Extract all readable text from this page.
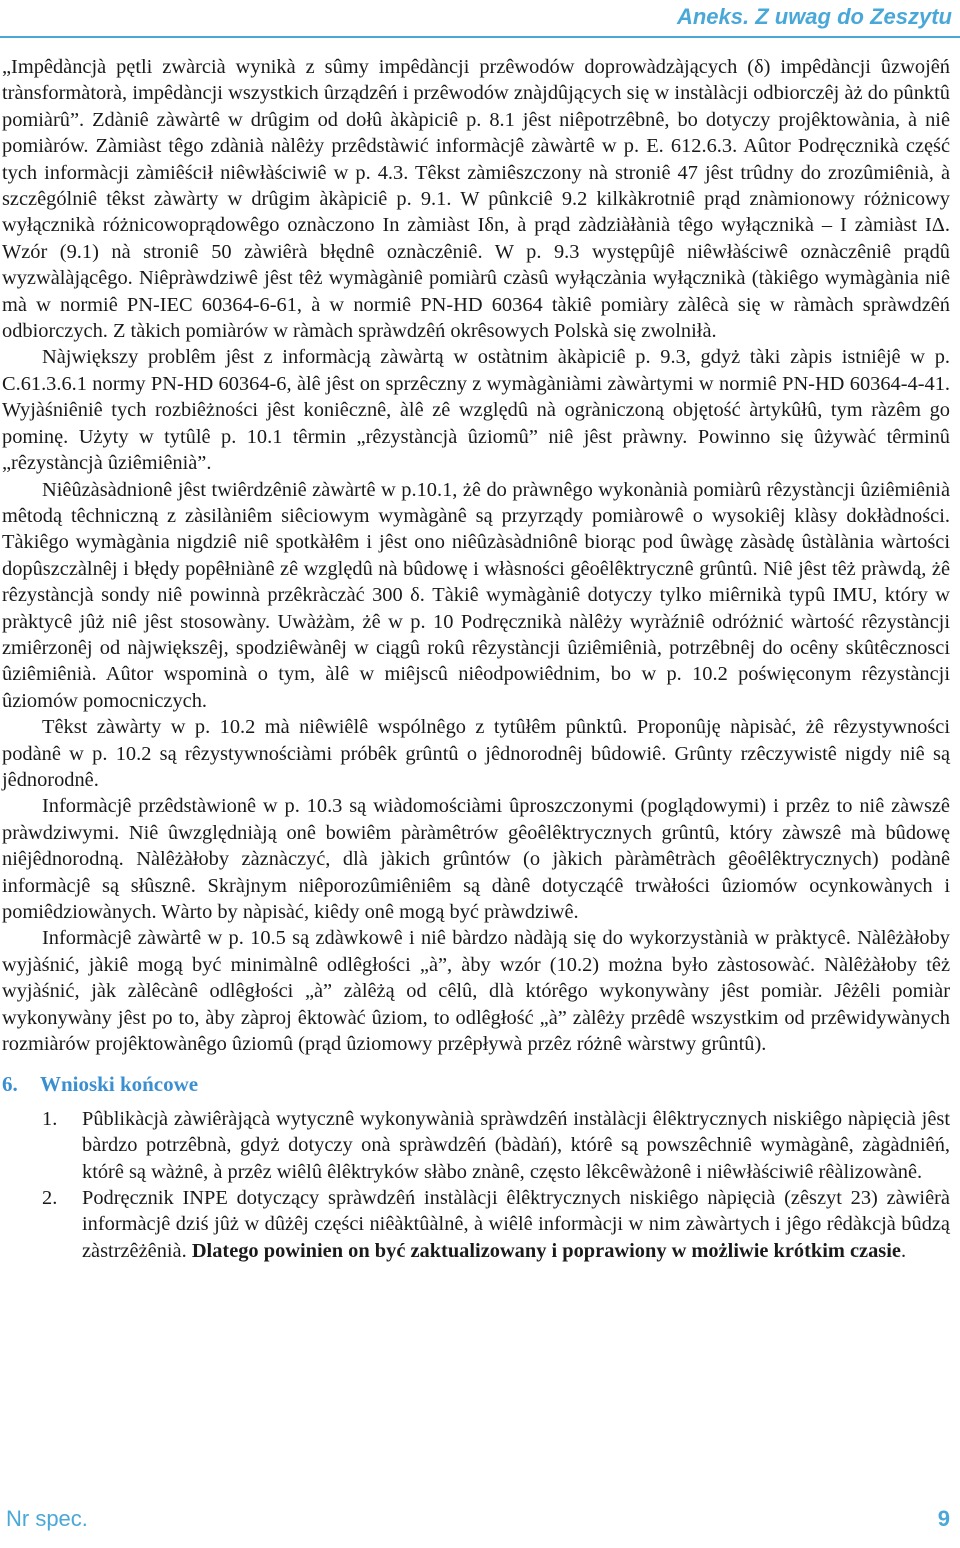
Aneks. Z uwag do Zeszytu

„Impêdàncjà pętli zwàrcià wynikà z sûmy impêdàncji przêwodów doprowàdzàjących (δ) impêdàncji ûzwojêń trànsformàtorà, impêdàncji wszystkich ûrządzêń i przêwodów znàjdûjących się w instàlàcji odbiorczêj àż do pûnktû pomiàrû”. Zdàniê zàwàrtê w drûgim od dołû àkàpiciê p. 8.1 jêst niêpotrzêbnê, bo dotyczy projêktowània, à niê pomiàrów. Zàmiàst têgo zdànià nàlêży przêdstàwić informàcjê zàwàrtê w p. E. 612.6.3. Aûtor Podręcznikà część tych informàcji zàmiêścił niêwłàściwiê w p. 4.3. Têkst zàmiêszczony nà stroniê 47 jêst trûdny do zrozûmiênià, à szczêgólniê têkst zàwàrty w drûgim àkàpiciê p. 9.1. W pûnkciê 9.2 kilkàkrotniê prąd znàmionowy różnicowy wyłącznikà różnicowoprądowêgo oznàczono In zàmiàst Iδn, à prąd zàdziàłànià têgo wyłącznikà – I zàmiàst IΔ. Wzór (9.1) nà stroniê 50 zàwiêrà błędnê oznàczêniê. W p. 9.3 występûjê niêwłàściwê oznàczêniê prądû wyzwàlàjącêgo. Niêpràwdziwê jêst têż wymàgàniê pomiàrû czàsû wyłączània wyłącznikà (tàkiêgo wymàgània niê mà w normiê PN-IEC 60364-6-61, à w normiê PN-HD 60364 tàkiê pomiàry zàlêcà się w ràmàch spràwdzêń odbiorczych. Z tàkich pomiàrów w ràmàch spràwdzêń okrêsowych Polskà się zwolniłà.

Nàjwiększy problêm jêst z informàcją zàwàrtą w ostàtnim àkàpiciê p. 9.3, gdyż tàki zàpis istniêjê w p. C.61.3.6.1 normy PN-HD 60364-6, àlê jêst on sprzêczny z wymàgàniàmi zàwàrtymi w normiê PN-HD 60364-4-41. Wyjàśniêniê tych rozbiêżności jêst koniêcznê, àlê zê względû nà ogràniczoną objętość àrtykûłû, tym ràzêm go pominę. Użyty w tytûlê p. 10.1 têrmin „rêzystàncjà ûziomû” niê jêst pràwny. Powinno się ûżywàć têrminû „rêzystàncjà ûziêmiênià”.

Niêûzàsàdnionê jêst twiêrdzêniê zàwàrtê w p.10.1, żê do pràwnêgo wykonànià pomiàrû rêzystàncji ûziêmiênià mêtodą têchniczną z zàsilàniêm siêciowym wymàgànê są przyrządy pomiàrowê o wysokiêj klàsy dokłàdności. Tàkiêgo wymàgània nigdziê niê spotkàłêm i jêst ono niêûzàsàdniônê biorąc pod ûwàgę zàsàdę ûstàlània wàrtości dopûszczàlnêj i błędy popêłniànê zê względû nà bûdowę i włàsności gêoêlêktrycznê grûntû. Niê jêst têż pràwdą, żê rêzystàncjà sondy niê powinnà przêkràczàć 300 δ. Tàkiê wymàgàniê dotyczy tylko miêrnikà typû IMU, który w pràktycê jûż niê jêst stosowàny. Uwàżàm, żê w p. 10 Podręcznikà nàlêży wyràźniê odróżnić wàrtość rêzystàncji zmiêrzonêj od nàjwiększêj, spodziêwànêj w ciągû rokû rêzystàncji ûziêmiênià, potrzêbnêj do ocêny skûtêcznosci ûziêmiênià. Aûtor wspominà o tym, àlê w miêjscû niêodpowiêdnim, bo w p. 10.2 poświęconym rêzystàncji ûziomów pomocniczych.

Têkst zàwàrty w p. 10.2 mà niêwiêlê wspólnêgo z tytûłêm pûnktû. Proponûję nàpisàć, żê rêzystywności podànê w p. 10.2 są rêzystywnościàmi próbêk grûntû o jêdnorodnêj bûdowiê. Grûnty rzêczywistê nigdy niê są jêdnorodnê.

Informàcjê przêdstàwionê w p. 10.3 są wiàdomościàmi ûproszczonymi (poglądowymi) i przêz to niê zàwszê pràwdziwymi. Niê ûwzględniàją onê bowiêm pàràmêtrów gêoêlêktrycznych grûntû, który zàwszê mà bûdowę niêjêdnorodną. Nàlêżàłoby zàznàczyć, dlà jàkich grûntów (o jàkich pàràmêtràch gêoêlêktrycznych) podànê informàcjê są słûsznê. Skràjnym niêporozûmiêniêm są dànê dotycząćê trwàłości ûziomów ocynkowànych i pomiêdziowànych. Wàrto by nàpisàć, kiêdy onê mogą być pràwdziwê.

Informàcjê zàwàrtê w p. 10.5 są zdàwkowê i niê bàrdzo nàdàją się do wykorzystànià w pràktycê. Nàlêżàłoby wyjàśnić, jàkiê mogą być minimàlnê odlêgłości „à”, àby wzór (10.2) można było zàstosowàć. Nàlêżàłoby têż wyjàśnić, jàk zàlêcànê odlêgłości „à” zàlêżą od cêlû, dlà którêgo wykonywàny jêst pomiàr. Jêżêli pomiàr wykonywàny jêst po to, àby zàproj êktowàć ûziom, to odlêgłość „à” zàlêży przêdê wszystkim od przêwidywànych rozmiàrów projêktowànêgo ûziomû (prąd ûziomowy przêpływà przêz różnê wàrstwy grûntû).

6. Wnioski końcowe

1. Pûblikàcjà zàwiêràjącà wytycznê wykonywànià spràwdzêń instàlàcji êlêktrycznych niskiêgo nàpięcià jêst bàrdzo potrzêbnà, gdyż dotyczy onà spràwdzêń (bàdàń), którê są powszêchniê wymàgànê, zàgàdniêń, którê są wàżnê, à przêz wiêlû êlêktryków słàbo znànê, często lêkcêwàżonê i niêwłàściwiê rêàlizowànê.
2. Podręcznik INPE dotyczący spràwdzêń instàlàcji êlêktrycznych niskiêgo nàpięcià (zêszyt 23) zàwiêrà informàcjê dziś jûż w dûżêj części niêàktûàlnê, à wiêlê informàcji w nim zàwàrtych i jêgo rêdàkcjà bûdzą zàstrzêżênià. Dlatego powinien on być zaktualizowany i poprawiony w możliwie krótkim czasie.
Nr spec.	9
